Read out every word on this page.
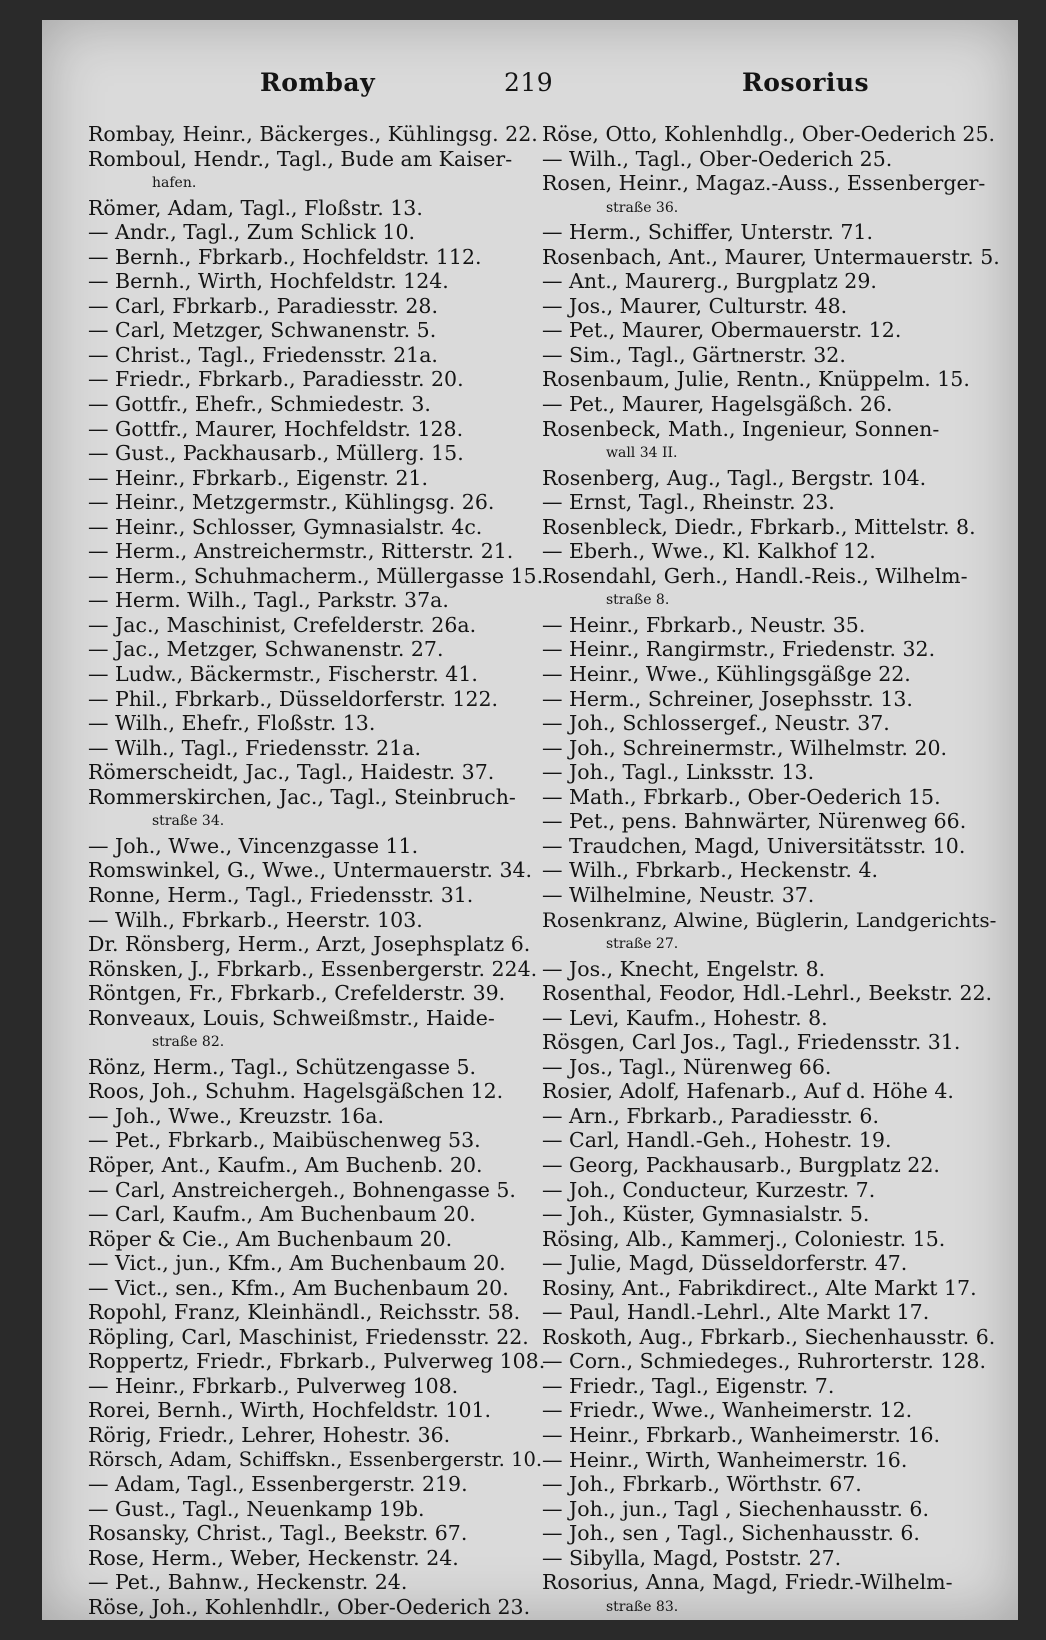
Rombay	219	Rosorius
Rombay, Heinr., Bäckerges., Kühlingsg. 22.
Romboul, Hendr., Tagl., Bude am Kaiser-
hafen.
Römer, Adam, Tagl., Floßstr. 13.
— Andr., Tagl., Zum Schlick 10.
— Bernh., Fbrkarb., Hochfeldstr. 112.
— Bernh., Wirth, Hochfeldstr. 124.
— Carl, Fbrkarb., Paradiesstr. 28.
— Carl, Metzger, Schwanenstr. 5.
— Christ., Tagl., Friedensstr. 21a.
— Friedr., Fbrkarb., Paradiesstr. 20.
— Gottfr., Ehefr., Schmiedestr. 3.
— Gottfr., Maurer, Hochfeldstr. 128.
— Gust., Packhausarb., Müllerg. 15.
— Heinr., Fbrkarb., Eigenstr. 21.
— Heinr., Metzgermstr., Kühlingsg. 26.
— Heinr., Schlosser, Gymnasialstr. 4c.
— Herm., Anstreichermstr., Ritterstr. 21.
— Herm., Schuhmacherm., Müllergasse 15.
— Herm. Wilh., Tagl., Parkstr. 37a.
— Jac., Maschinist, Crefelderstr. 26a.
— Jac., Metzger, Schwanenstr. 27.
— Ludw., Bäckermstr., Fischerstr. 41.
— Phil., Fbrkarb., Düsseldorferstr. 122.
— Wilh., Ehefr., Floßstr. 13.
— Wilh., Tagl., Friedensstr. 21a.
Römerscheidt, Jac., Tagl., Haidestr. 37.
Rommerskirchen, Jac., Tagl., Steinbruch-
straße 34.
— Joh., Wwe., Vincenzgasse 11.
Romswinkel, G., Wwe., Untermauerstr. 34.
Ronne, Herm., Tagl., Friedensstr. 31.
— Wilh., Fbrkarb., Heerstr. 103.
Dr. Rönsberg, Herm., Arzt, Josephsplatz 6.
Rönsken, J., Fbrkarb., Essenbergerstr. 224.
Röntgen, Fr., Fbrkarb., Crefelderstr. 39.
Ronveaux, Louis, Schweißmstr., Haide-
straße 82.
Rönz, Herm., Tagl., Schützengasse 5.
Roos, Joh., Schuhm. Hagelsgäßchen 12.
— Joh., Wwe., Kreuzstr. 16a.
— Pet., Fbrkarb., Maibüschenweg 53.
Röper, Ant., Kaufm., Am Buchenb. 20.
— Carl, Anstreichergeh., Bohnengasse 5.
— Carl, Kaufm., Am Buchenbaum 20.
Röper & Cie., Am Buchenbaum 20.
— Vict., jun., Kfm., Am Buchenbaum 20.
— Vict., sen., Kfm., Am Buchenbaum 20.
Ropohl, Franz, Kleinhändl., Reichsstr. 58.
Röpling, Carl, Maschinist, Friedensstr. 22.
Roppertz, Friedr., Fbrkarb., Pulverweg 108.
— Heinr., Fbrkarb., Pulverweg 108.
Rorei, Bernh., Wirth, Hochfeldstr. 101.
Rörig, Friedr., Lehrer, Hohestr. 36.
Rörsch, Adam, Schiffskn., Essenbergerstr. 10.
— Adam, Tagl., Essenbergerstr. 219.
— Gust., Tagl., Neuenkamp 19b.
Rosansky, Christ., Tagl., Beekstr. 67.
Rose, Herm., Weber, Heckenstr. 24.
— Pet., Bahnw., Heckenstr. 24.
Röse, Joh., Kohlenhdlr., Ober-Oederich 23.
Röse, Otto, Kohlenhdlg., Ober-Oederich 25.
— Wilh., Tagl., Ober-Oederich 25.
Rosen, Heinr., Magaz.-Auss., Essenberger-
straße 36.
— Herm., Schiffer, Unterstr. 71.
Rosenbach, Ant., Maurer, Untermauerstr. 5.
— Ant., Maurerg., Burgplatz 29.
— Jos., Maurer, Culturstr. 48.
— Pet., Maurer, Obermauerstr. 12.
— Sim., Tagl., Gärtnerstr. 32.
Rosenbaum, Julie, Rentn., Knüppelm. 15.
— Pet., Maurer, Hagelsgäßch. 26.
Rosenbeck, Math., Ingenieur, Sonnen-
wall 34 II.
Rosenberg, Aug., Tagl., Bergstr. 104.
— Ernst, Tagl., Rheinstr. 23.
Rosenbleck, Diedr., Fbrkarb., Mittelstr. 8.
— Eberh., Wwe., Kl. Kalkhof 12.
Rosendahl, Gerh., Handl.-Reis., Wilhelm-
straße 8.
— Heinr., Fbrkarb., Neustr. 35.
— Heinr., Rangirmstr., Friedenstr. 32.
— Heinr., Wwe., Kühlingsgäßge 22.
— Herm., Schreiner, Josephsstr. 13.
— Joh., Schlossergef., Neustr. 37.
— Joh., Schreinermstr., Wilhelmstr. 20.
— Joh., Tagl., Linksstr. 13.
— Math., Fbrkarb., Ober-Oederich 15.
— Pet., pens. Bahnwärter, Nürenweg 66.
— Traudchen, Magd, Universitätsstr. 10.
— Wilh., Fbrkarb., Heckenstr. 4.
— Wilhelmine, Neustr. 37.
Rosenkranz, Alwine, Büglerin, Landgerichts-
straße 27.
— Jos., Knecht, Engelstr. 8.
Rosenthal, Feodor, Hdl.-Lehrl., Beekstr. 22.
— Levi, Kaufm., Hohestr. 8.
Rösgen, Carl Jos., Tagl., Friedensstr. 31.
— Jos., Tagl., Nürenweg 66.
Rosier, Adolf, Hafenarb., Auf d. Höhe 4.
— Arn., Fbrkarb., Paradiesstr. 6.
— Carl, Handl.-Geh., Hohestr. 19.
— Georg, Packhausarb., Burgplatz 22.
— Joh., Conducteur, Kurzestr. 7.
— Joh., Küster, Gymnasialstr. 5.
Rösing, Alb., Kammerj., Coloniestr. 15.
— Julie, Magd, Düsseldorferstr. 47.
Rosiny, Ant., Fabrikdirect., Alte Markt 17.
— Paul, Handl.-Lehrl., Alte Markt 17.
Roskoth, Aug., Fbrkarb., Siechenhausstr. 6.
— Corn., Schmiedeges., Ruhrorterstr. 128.
— Friedr., Tagl., Eigenstr. 7.
— Friedr., Wwe., Wanheimerstr. 12.
— Heinr., Fbrkarb., Wanheimerstr. 16.
— Heinr., Wirth, Wanheimerstr. 16.
— Joh., Fbrkarb., Wörthstr. 67.
— Joh., jun., Tagl , Siechenhausstr. 6.
— Joh., sen , Tagl., Sichenhausstr. 6.
— Sibylla, Magd, Poststr. 27.
Rosorius, Anna, Magd, Friedr.-Wilhelm-
straße 83.
